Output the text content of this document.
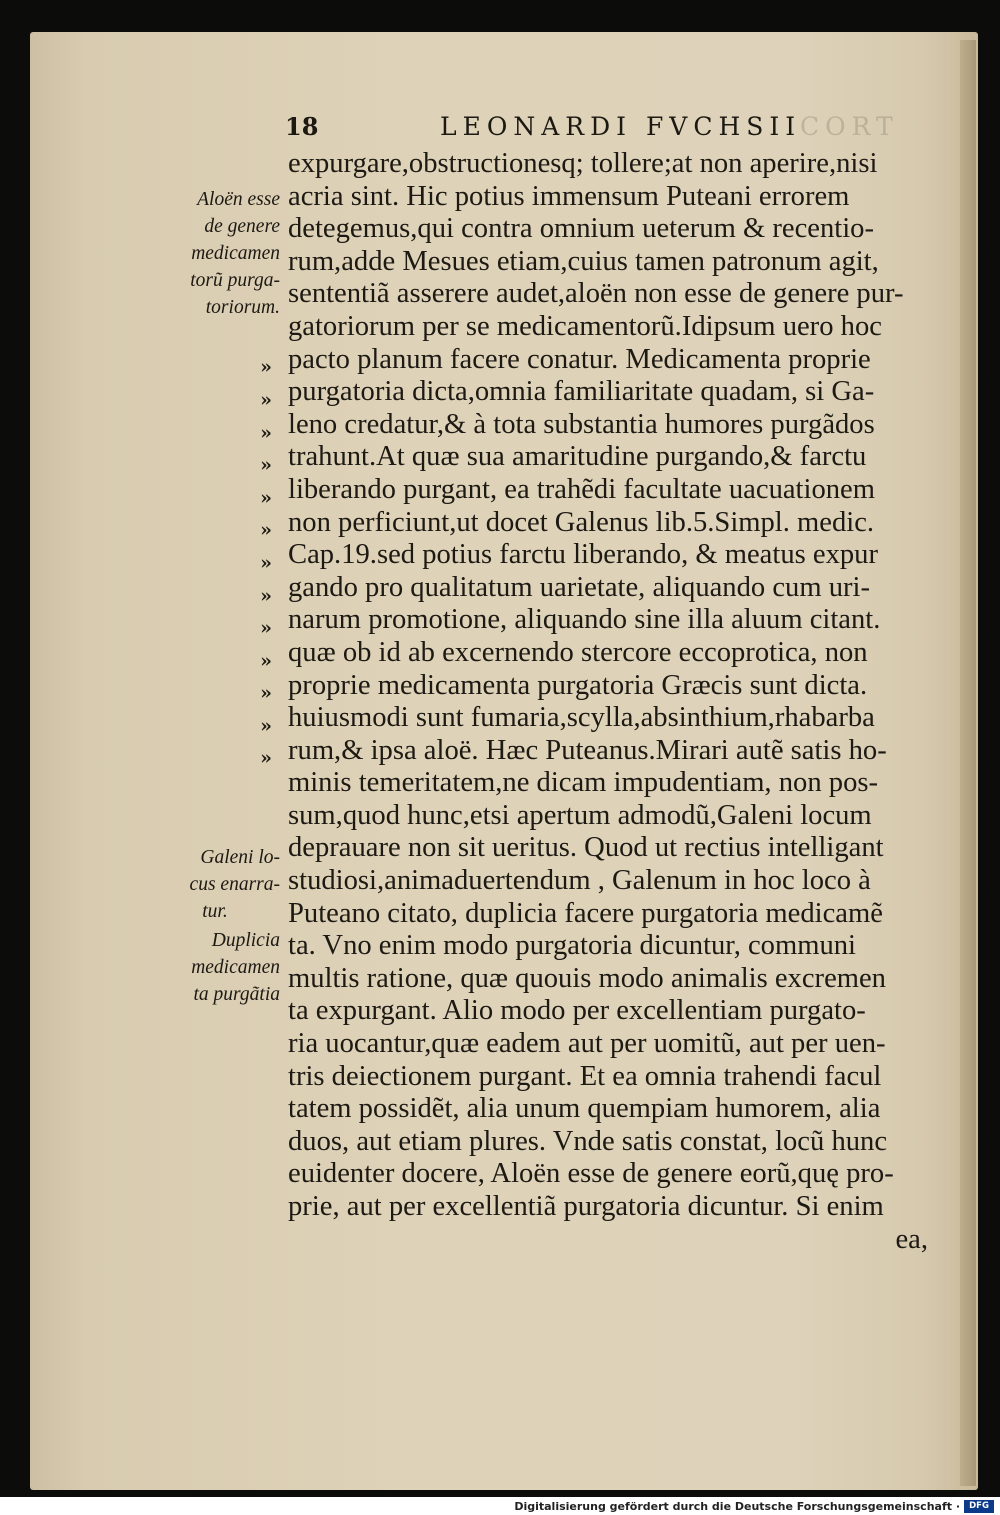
18	LEONARDI FVCHSII
CORT
expurgare,obstructionesq; tollere;at non aperire,nisi
acria sint. Hic potius immensum Puteani errorem
detegemus,qui contra omnium ueterum & recentio-
rum,adde Mesues etiam,cuius tamen patronum agit,
sententiã asserere audet,aloën non esse de genere pur-
gatoriorum per se medicamentorũ.Idipsum uero hoc
pacto planum facere conatur. Medicamenta proprie
purgatoria dicta,omnia familiaritate quadam, si Ga-
leno credatur,& à tota substantia humores purgãdos
trahunt.At quæ sua amaritudine purgando,& farctu
liberando purgant, ea trahẽdi facultate uacuationem
non perficiunt,ut docet Galenus lib.5.Simpl. medic.
Cap.19.sed potius farctu liberando, & meatus expur
gando pro qualitatum uarietate, aliquando cum uri-
narum promotione, aliquando sine illa aluum citant.
quæ ob id ab excernendo stercore eccoprotica, non
proprie medicamenta purgatoria Græcis sunt dicta.
huiusmodi sunt fumaria,scylla,absinthium,rhabarba
rum,& ipsa aloë. Hæc Puteanus.Mirari autẽ satis ho-
minis temeritatem,ne dicam impudentiam, non pos-
sum,quod hunc,etsi apertum admodũ,Galeni locum
deprauare non sit ueritus. Quod ut rectius intelligant
studiosi,animaduertendum , Galenum in hoc loco à
Puteano citato, duplicia facere purgatoria medicamẽ
ta. Vno enim modo purgatoria dicuntur, communi
multis ratione, quæ quouis modo animalis excremen
ta expurgant. Alio modo per excellentiam purgato-
ria uocantur,quæ eadem aut per uomitũ, aut per uen-
tris deiectionem purgant. Et ea omnia trahendi facul
tatem possidẽt, alia unum quempiam humorem, alia
duos, aut etiam plures. Vnde satis constat, locũ hunc
euidenter docere, Aloën esse de genere eorũ,quę pro-
prie, aut per excellentiã purgatoria dicuntur. Si enim
ea,
»
»
»
»
»
»
»
»
»
»
»
»
»
Aloën esse
de genere
medicamen
torũ purga-
toriorum.
Galeni lo-
cus enarra-
tur.
Duplicia
medicamen
ta purgãtia
Digitalisierung gefördert durch die Deutsche Forschungsgemeinschaft ·	DFG
